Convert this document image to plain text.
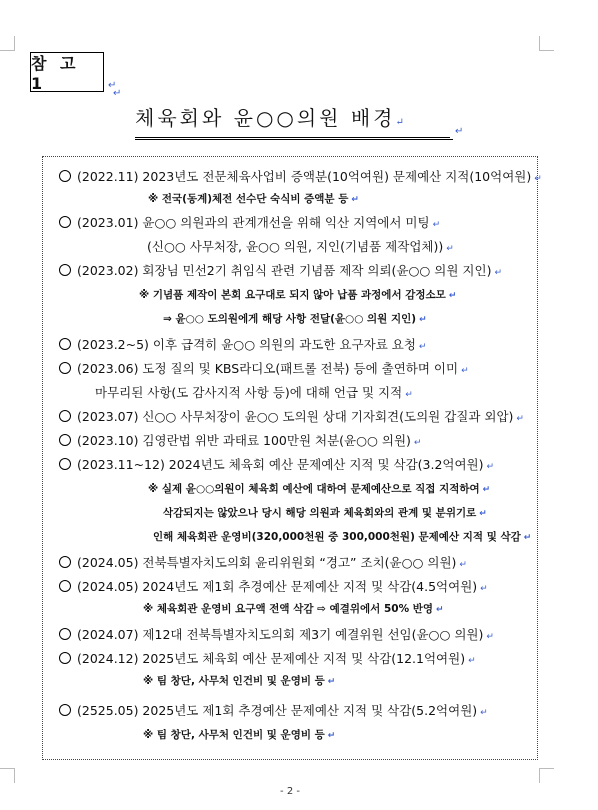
참 고 1	↵
↵
체육회와 윤○○의원 배경↵
↵
(2022.11) 2023년도 전문체육사업비 증액분(10억여원) 문제예산 지적(10억여원) ↵
※ 전국(동계)체전 선수단 숙식비 증액분 등 ↵
(2023.01) 윤○○ 의원과의 관계개선을 위해 익산 지역에서 미팅 ↵
(신○○ 사무처장, 윤○○ 의원, 지인(기념품 제작업체)) ↵
(2023.02) 회장님 민선2기 취임식 관련 기념품 제작 의뢰(윤○○ 의원 지인) ↵
※ 기념품 제작이 본회 요구대로 되지 않아 납품 과정에서 감정소모 ↵
⇒ 윤○○ 도의원에게 해당 사항 전달(윤○○ 의원 지인) ↵
(2023.2~5) 이후 급격히 윤○○ 의원의 과도한 요구자료 요청 ↵
(2023.06) 도정 질의 및 KBS라디오(패트롤 전북) 등에 출연하며 이미 ↵
마무리된 사항(도 감사지적 사항 등)에 대해 언급 및 지적 ↵
(2023.07) 신○○ 사무처장이 윤○○ 도의원 상대 기자회견(도의원 갑질과 외압) ↵
(2023.10) 김영란법 위반 과태료 100만원 처분(윤○○ 의원) ↵
(2023.11~12) 2024년도 체육회 예산 문제예산 지적 및 삭감(3.2억여원) ↵
※ 실제 윤○○의원이 체육회 예산에 대하여 문제예산으로 직접 지적하여 ↵
삭감되지는 않았으나 당시 해당 의원과 체육회와의 관계 및 분위기로 ↵
인해 체육회관 운영비(320,000천원 중 300,000천원) 문제예산 지적 및 삭감 ↵
(2024.05) 전북특별자치도의회 윤리위원회 “경고” 조치(윤○○ 의원) ↵
(2024.05) 2024년도 제1회 추경예산 문제예산 지적 및 삭감(4.5억여원) ↵
※ 체육회관 운영비 요구액 전액 삭감 ⇨ 예결위에서 50% 반영 ↵
(2024.07) 제12대 전북특별자치도의회 제3기 예결위원 선임(윤○○ 의원) ↵
(2024.12) 2025년도 체육회 예산 문제예산 지적 및 삭감(12.1억여원) ↵
※ 팀 창단, 사무처 인건비 및 운영비 등 ↵
(2525.05) 2025년도 제1회 추경예산 문제예산 지적 및 삭감(5.2억여원) ↵
※ 팀 창단, 사무처 인건비 및 운영비 등 ↵
- 2 -
